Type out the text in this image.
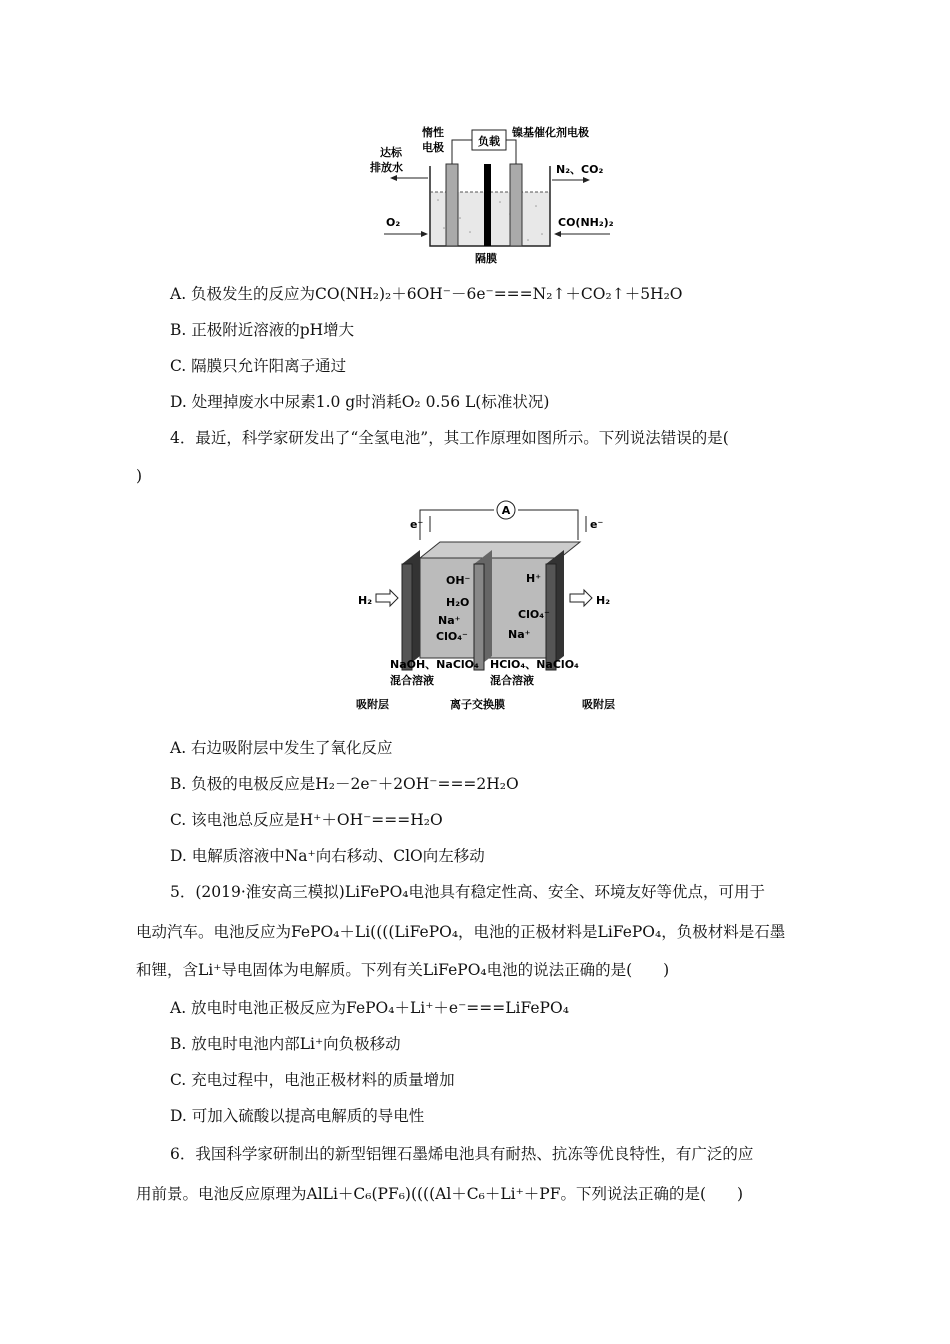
负载
惰性
电极
镍基催化剂电极
达标
排放水	N₂、CO₂
O₂	CO(NH₂)₂
隔膜
A. 负极发生的反应为CO(NH₂)₂＋6OH⁻－6e⁻===N₂↑＋CO₂↑＋5H₂O
B. 正极附近溶液的pH增大
C. 隔膜只允许阳离子通过
D. 处理掉废水中尿素1.0 g时消耗O₂ 0.56 L(标准状况)
4．最近，科学家研发出了“全氢电池”，其工作原理如图所示。下列说法错误的是(
)
A
e⁻	e⁻
H₂	H₂
OH⁻
H₂O
Na⁺
ClO₄⁻
H⁺
ClO₄⁻
Na⁺
NaOH、NaClO₄
混合溶液
HClO₄、NaClO₄
混合溶液
吸附层	离子交换膜	吸附层
A. 右边吸附层中发生了氧化反应
B. 负极的电极反应是H₂－2e⁻＋2OH⁻===2H₂O
C. 该电池总反应是H⁺＋OH⁻===H₂O
D. 电解质溶液中Na⁺向右移动、ClO向左移动
5．(2019·淮安高三模拟)LiFePO₄电池具有稳定性高、安全、环境友好等优点，可用于
电动汽车。电池反应为FePO₄＋Li((((LiFePO₄，电池的正极材料是LiFePO₄，负极材料是石墨
和锂，含Li⁺导电固体为电解质。下列有关LiFePO₄电池的说法正确的是(　　)
A. 放电时电池正极反应为FePO₄＋Li⁺＋e⁻===LiFePO₄
B. 放电时电池内部Li⁺向负极移动
C. 充电过程中，电池正极材料的质量增加
D. 可加入硫酸以提高电解质的导电性
6．我国科学家研制出的新型铝锂石墨烯电池具有耐热、抗冻等优良特性，有广泛的应
用前景。电池反应原理为AlLi＋C₆(PF₆)((((Al＋C₆＋Li⁺＋PF。下列说法正确的是(　　)
